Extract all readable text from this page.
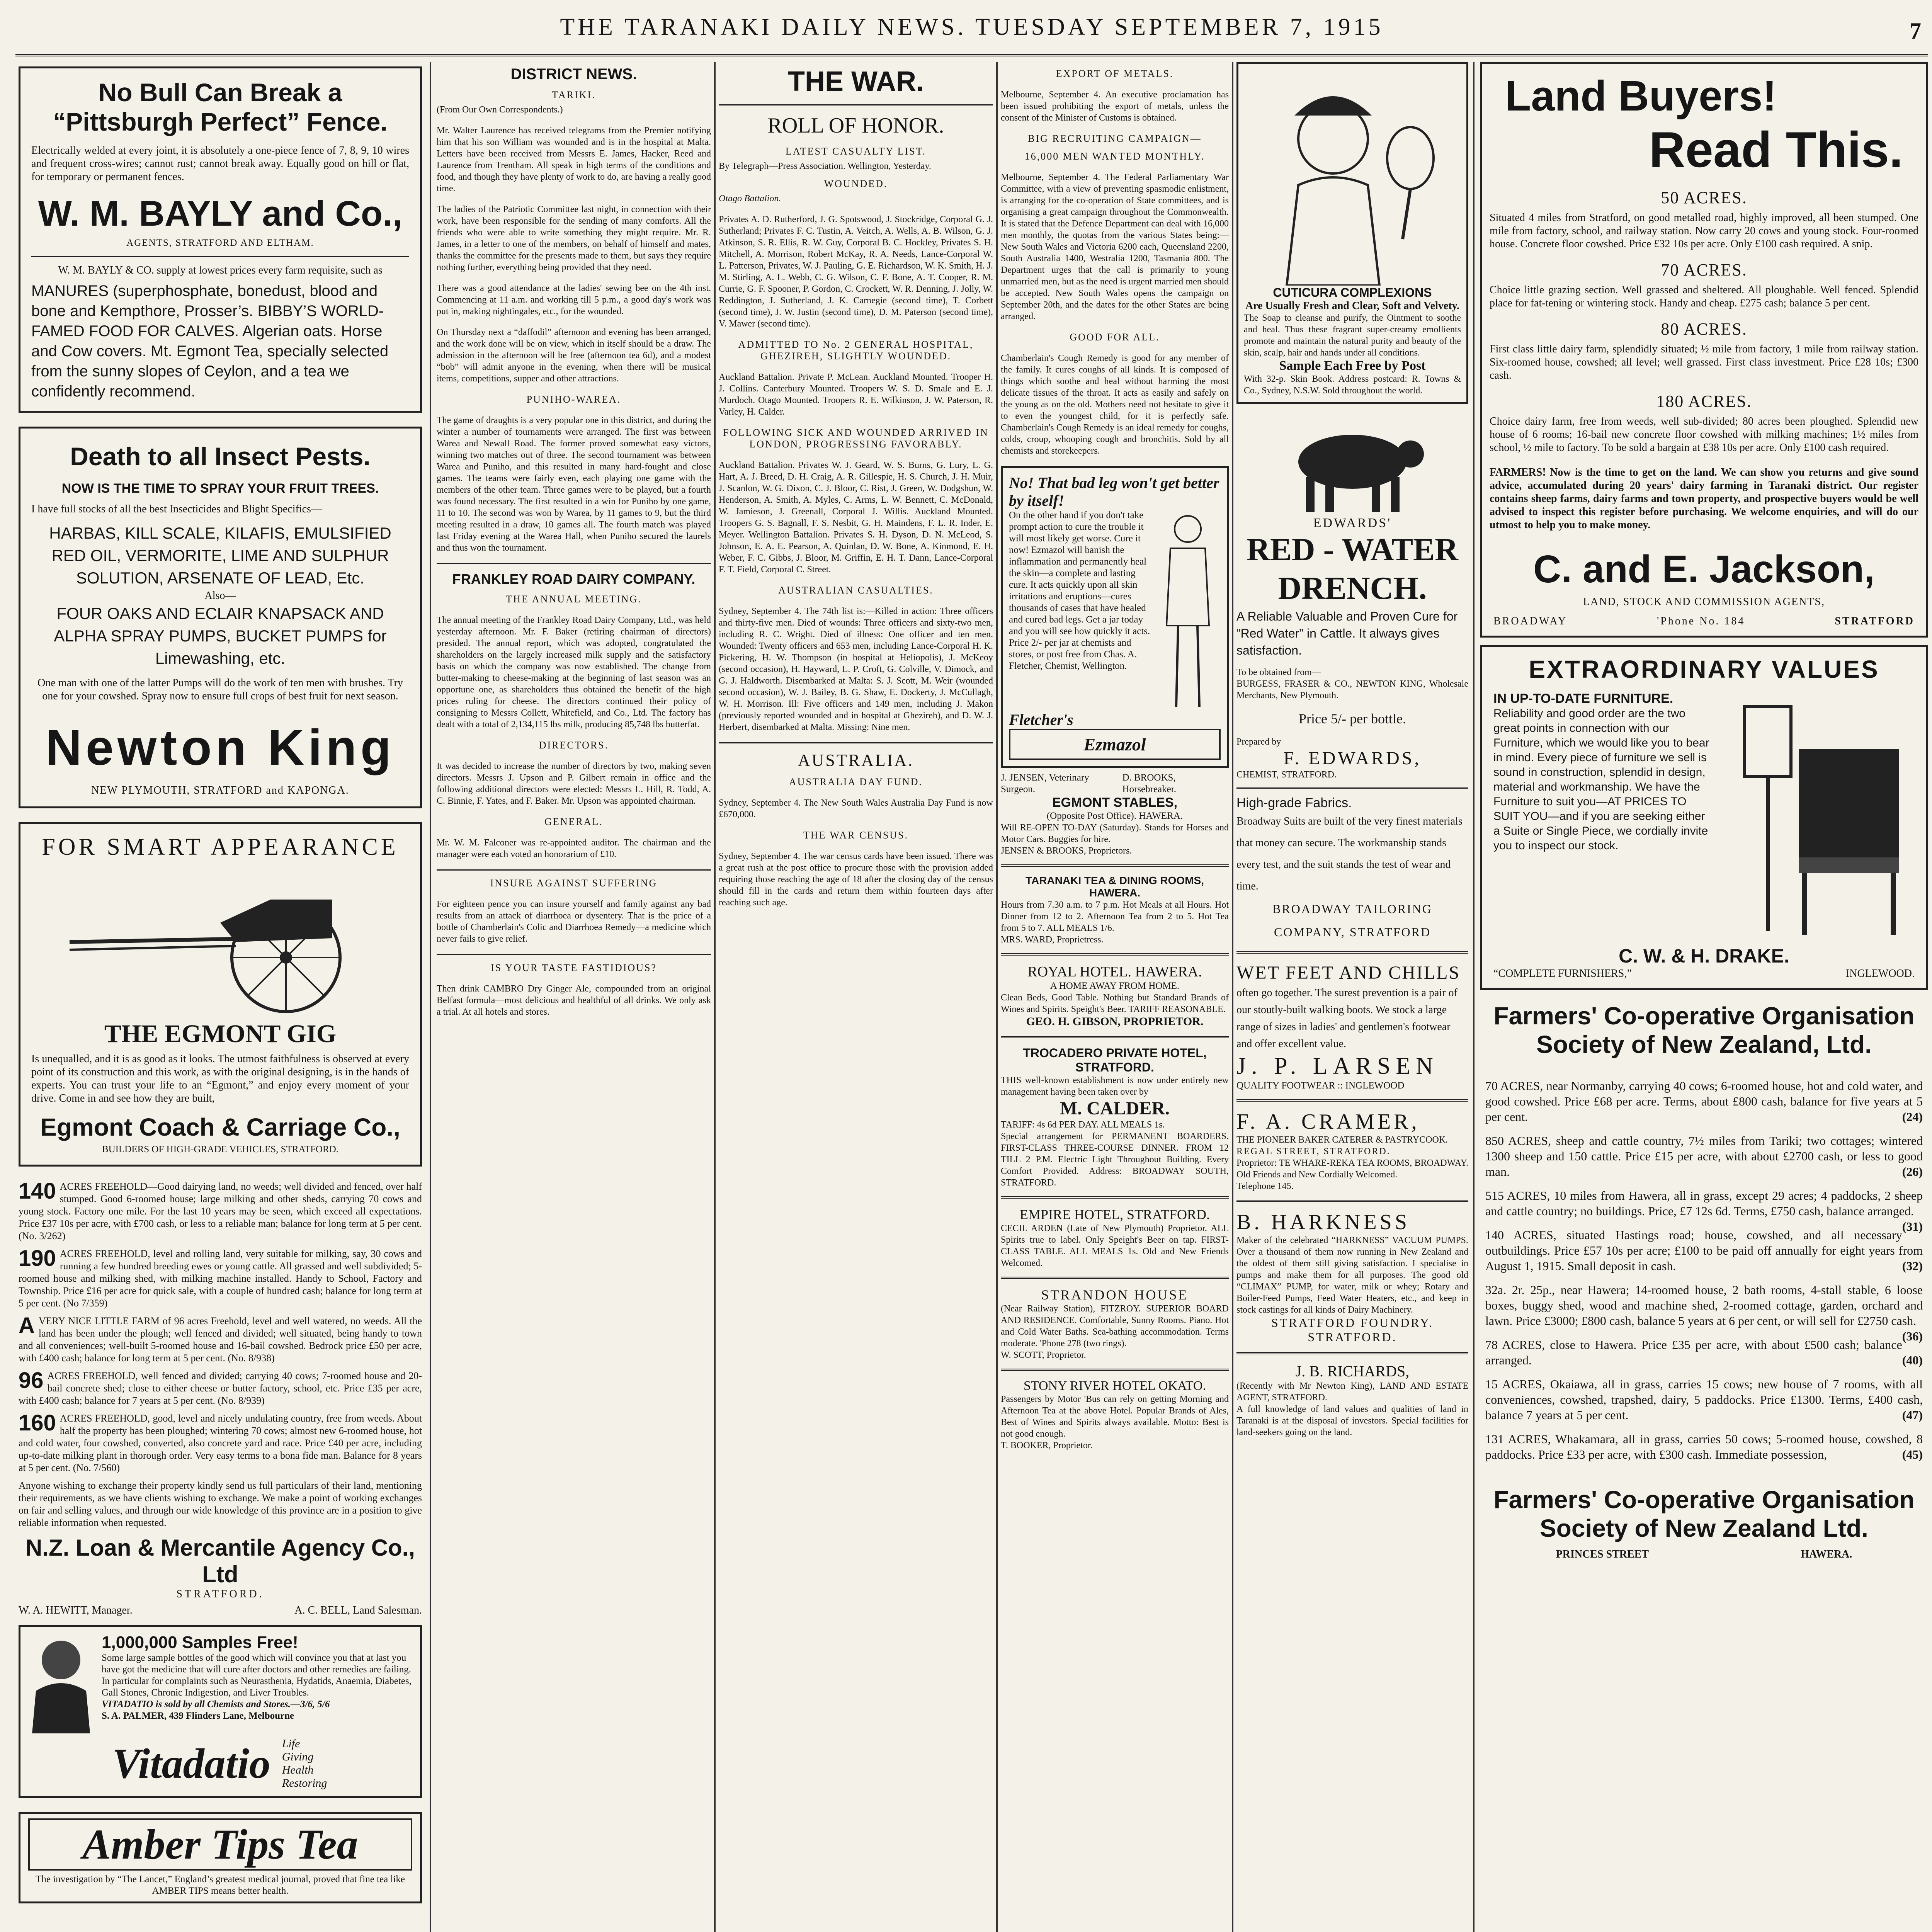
THE TARANAKI DAILY NEWS. TUESDAY SEPTEMBER 7, 1915	7
No Bull Can Break a
“Pittsburgh Perfect” Fence.
Electrically welded at every joint, it is absolutely a one-piece fence of 7, 8, 9, 10 wires and frequent cross-wires; cannot rust; cannot break away. Equally good on hill or flat, for temporary or permanent fences.
W. M. BAYLY and Co.,
AGENTS, STRATFORD AND ELTHAM.
W. M. BAYLY & CO. supply at lowest prices every farm requisite, such as
MANURES (superphosphate, bonedust, blood and bone and Kempthore, Prosser’s. BIBBY’S WORLD-FAMED FOOD FOR CALVES. Algerian oats. Horse and Cow covers. Mt. Egmont Tea, specially selected from the sunny slopes of Ceylon, and a tea we confidently recommend.
Death to all Insect Pests.
NOW IS THE TIME TO SPRAY YOUR FRUIT TREES.
I have full stocks of all the best Insecticides and Blight Specifics—
HARBAS, KILL SCALE, KILAFIS, EMULSIFIED RED OIL, VERMORITE, LIME AND SULPHUR SOLUTION, ARSENATE OF LEAD, Etc.
Also—
FOUR OAKS AND ECLAIR KNAPSACK AND ALPHA SPRAY PUMPS, BUCKET PUMPS for Limewashing, etc.
One man with one of the latter Pumps will do the work of ten men with brushes. Try one for your cowshed. Spray now to ensure full crops of best fruit for next season.
Newton King
NEW PLYMOUTH, STRATFORD and KAPONGA.
FOR SMART APPEARANCE
THE EGMONT GIG
Is unequalled, and it is as good as it looks. The utmost faithfulness is observed at every point of its construction and this work, as with the original designing, is in the hands of experts. You can trust your life to an “Egmont,” and enjoy every moment of your drive. Come in and see how they are built,
Egmont Coach & Carriage Co.,
BUILDERS OF HIGH-GRADE VEHICLES, STRATFORD.
140 ACRES FREEHOLD—Good dairying land, no weeds; well divided and fenced, over half stumped. Good 6-roomed house; large milking and other sheds, carrying 70 cows and young stock. Factory one mile. For the last 10 years may be seen, which exceed all expectations. Price £37 10s per acre, with £700 cash, or less to a reliable man; balance for long term at 5 per cent. (No. 3/262)
190 ACRES FREEHOLD, level and rolling land, very suitable for milking, say, 30 cows and running a few hundred breeding ewes or young cattle. All grassed and well subdivided; 5-roomed house and milking shed, with milking machine installed. Handy to School, Factory and Township. Price £16 per acre for quick sale, with a couple of hundred cash; balance for long term at 5 per cent. (No 7/359)
AVERY NICE LITTLE FARM of 96 acres Freehold, level and well watered, no weeds. All the land has been under the plough; well fenced and divided; well situated, being handy to town and all conveniences; well-built 5-roomed house and 16-bail cowshed. Bedrock price £50 per acre, with £400 cash; balance for long term at 5 per cent. (No. 8/938)
96 ACRES FREEHOLD, well fenced and divided; carrying 40 cows; 7-roomed house and 20-bail concrete shed; close to either cheese or butter factory, school, etc. Price £35 per acre, with £400 cash; balance for 7 years at 5 per cent. (No. 8/939)
160 ACRES FREEHOLD, good, level and nicely undulating country, free from weeds. About half the property has been ploughed; wintering 70 cows; almost new 6-roomed house, hot and cold water, four cowshed, converted, also concrete yard and race. Price £40 per acre, including up-to-date milking plant in thorough order. Very easy terms to a bona fide man. Balance for 8 years at 5 per cent. (No. 7/560)
Anyone wishing to exchange their property kindly send us full particulars of their land, mentioning their requirements, as we have clients wishing to exchange. We make a point of working exchanges on fair and selling values, and through our wide knowledge of this province are in a position to give reliable information when requested.
N.Z. Loan & Mercantile Agency Co., Ltd
STRATFORD.
W. A. HEWITT, Manager.	A. C. BELL, Land Salesman.
1,000,000 Samples Free!
Some large sample bottles of the good which will convince you that at last you have got the medicine that will cure after doctors and other remedies are failing. In particular for complaints such as Neurasthenia, Hydatids, Anaemia, Diabetes, Gall Stones, Chronic Indigestion, and Liver Troubles.
VITADATIO is sold by all Chemists and Stores.—3/6, 5/6
S. A. PALMER, 439 Flinders Lane, Melbourne
Vitadatio Life Giving Health Restoring
Amber Tips Tea
The investigation by “The Lancet,” England’s greatest medical journal, proved that fine tea like AMBER TIPS means better health.
DISTRICT NEWS.
TARIKI.
(From Our Own Correspondents.)

Mr. Walter Laurence has received telegrams from the Premier notifying him that his son William was wounded and is in the hospital at Malta. Letters have been received from Messrs E. James, Hacker, Reed and Laurence from Trentham. All speak in high terms of the conditions and food, and though they have plenty of work to do, are having a really good time.

The ladies of the Patriotic Committee last night, in connection with their work, have been responsible for the sending of many comforts. All the friends who were able to write something they might require. Mr. R. James, in a letter to one of the members, on behalf of himself and mates, thanks the committee for the presents made to them, but says they require nothing further, everything being provided that they need.

There was a good attendance at the ladies' sewing bee on the 4th inst. Commencing at 11 a.m. and working till 5 p.m., a good day's work was put in, making nightingales, etc., for the wounded.

On Thursday next a “daffodil” afternoon and evening has been arranged, and the work done will be on view, which in itself should be a draw. The admission in the afternoon will be free (afternoon tea 6d), and a modest “bob” will admit anyone in the evening, when there will be musical items, competitions, supper and other attractions.

PUNIHO-WAREA.

The game of draughts is a very popular one in this district, and during the winter a number of tournaments were arranged. The first was between Warea and Newall Road. The former proved somewhat easy victors, winning two matches out of three. The second tournament was between Warea and Puniho, and this resulted in many hard-fought and close games. The teams were fairly even, each playing one game with the members of the other team. Three games were to be played, but a fourth was found necessary. The first resulted in a win for Puniho by one game, 11 to 10. The second was won by Warea, by 11 games to 9, but the third meeting resulted in a draw, 10 games all. The fourth match was played last Friday evening at the Warea Hall, when Puniho secured the laurels and thus won the tournament.

FRANKLEY ROAD DAIRY COMPANY.
THE ANNUAL MEETING.

The annual meeting of the Frankley Road Dairy Company, Ltd., was held yesterday afternoon. Mr. F. Baker (retiring chairman of directors) presided. The annual report, which was adopted, congratulated the shareholders on the largely increased milk supply and the satisfactory basis on which the company was now established. The change from butter-making to cheese-making at the beginning of last season was an opportune one, as shareholders thus obtained the benefit of the high prices ruling for cheese. The directors continued their policy of consigning to Messrs Collett, Whitefield, and Co., Ltd. The factory has dealt with a total of 2,134,115 lbs milk, producing 85,748 lbs butterfat.

DIRECTORS.

It was decided to increase the number of directors by two, making seven directors. Messrs J. Upson and P. Gilbert remain in office and the following additional directors were elected: Messrs L. Hill, R. Todd, A. C. Binnie, F. Yates, and F. Baker. Mr. Upson was appointed chairman.

GENERAL.

Mr. W. M. Falconer was re-appointed auditor. The chairman and the manager were each voted an honorarium of £10.

INSURE AGAINST SUFFERING

For eighteen pence you can insure yourself and family against any bad results from an attack of diarrhoea or dysentery. That is the price of a bottle of Chamberlain's Colic and Diarrhoea Remedy—a medicine which never fails to give relief.

IS YOUR TASTE FASTIDIOUS?

Then drink CAMBRO Dry Ginger Ale, compounded from an original Belfast formula—most delicious and healthful of all drinks. We only ask a trial. At all hotels and stores.

THE WAR.
ROLL OF HONOR.
LATEST CASUALTY LIST.
By Telegraph—Press Association. Wellington, Yesterday.
WOUNDED.
Otago Battalion.

Privates A. D. Rutherford, J. G. Spotswood, J. Stockridge, Corporal G. J. Sutherland; Privates F. C. Tustin, A. Veitch, A. Wells, A. B. Wilson, G. J. Atkinson, S. R. Ellis, R. W. Guy, Corporal B. C. Hockley, Privates S. H. Mitchell, A. Morrison, Robert McKay, R. A. Needs, Lance-Corporal W. L. Patterson, Privates, W. J. Pauling, G. E. Richardson, W. K. Smith, H. J. M. Stirling, A. L. Webb, C. G. Wilson, C. F. Bone, A. T. Cooper, R. M. Currie, G. F. Spooner, P. Gordon, C. Crockett, W. R. Denning, J. Jolly, W. Reddington, J. Sutherland, J. K. Carnegie (second time), T. Corbett (second time), J. W. Justin (second time), D. M. Paterson (second time), V. Mawer (second time).

ADMITTED TO No. 2 GENERAL HOSPITAL, GHEZIREH, SLIGHTLY WOUNDED.

Auckland Battalion. Private P. McLean. Auckland Mounted. Trooper H. J. Collins. Canterbury Mounted. Troopers W. S. D. Smale and E. J. Murdoch. Otago Mounted. Troopers R. E. Wilkinson, J. W. Paterson, R. Varley, H. Calder.

FOLLOWING SICK AND WOUNDED ARRIVED IN LONDON, PROGRESSING FAVORABLY.

Auckland Battalion. Privates W. J. Geard, W. S. Burns, G. Lury, L. G. Hart, A. J. Breed, D. H. Craig, A. R. Gillespie, H. S. Church, J. H. Muir, J. Scanlon, W. G. Dixon, C. J. Bloor, C. Rist, J. Green, W. Dodgshun, W. Henderson, A. Smith, A. Myles, C. Arms, L. W. Bennett, C. McDonald, W. Jamieson, J. Greenall, Corporal J. Willis. Auckland Mounted. Troopers G. S. Bagnall, F. S. Nesbit, G. H. Maindens, F. L. R. Inder, E. Meyer. Wellington Battalion. Privates S. H. Dyson, D. N. McLeod, S. Johnson, E. A. E. Pearson, A. Quinlan, D. W. Bone, A. Kinmond, E. H. Weber, F. C. Gibbs, J. Bloor, M. Griffin, E. H. T. Dann, Lance-Corporal F. T. Field, Corporal C. Street.

AUSTRALIAN CASUALTIES.

Sydney, September 4. The 74th list is:—Killed in action: Three officers and thirty-five men. Died of wounds: Three officers and sixty-two men, including R. C. Wright. Died of illness: One officer and ten men. Wounded: Twenty officers and 653 men, including Lance-Corporal H. K. Pickering, H. W. Thompson (in hospital at Heliopolis), J. McKeoy (second occasion), H. Hayward, L. P. Croft, G. Colville, V. Dimock, and G. J. Haldworth. Disembarked at Malta: S. J. Scott, M. Weir (wounded second occasion), W. J. Bailey, B. G. Shaw, E. Dockerty, J. McCullagh, W. H. Morrison. Ill: Five officers and 149 men, including J. Makon (previously reported wounded and in hospital at Ghezireh), and D. W. J. Herbert, disembarked at Malta. Missing: Nine men.

AUSTRALIA.
AUSTRALIA DAY FUND.

Sydney, September 4. The New South Wales Australia Day Fund is now £670,000.

THE WAR CENSUS.

Sydney, September 4. The war census cards have been issued. There was a great rush at the post office to procure those with the provision added requiring those reaching the age of 18 after the closing day of the census should fill in the cards and return them within fourteen days after reaching such age.

EXPORT OF METALS.

Melbourne, September 4. An executive proclamation has been issued prohibiting the export of metals, unless the consent of the Minister of Customs is obtained.

BIG RECRUITING CAMPAIGN—
16,000 MEN WANTED MONTHLY.

Melbourne, September 4. The Federal Parliamentary War Committee, with a view of preventing spasmodic enlistment, is arranging for the co-operation of State committees, and is organising a great campaign throughout the Commonwealth. It is stated that the Defence Department can deal with 16,000 men monthly, the quotas from the various States being:—New South Wales and Victoria 6200 each, Queensland 2200, South Australia 1400, Westralia 1200, Tasmania 800. The Department urges that the call is primarily to young unmarried men, but as the need is urgent married men should be accepted. New South Wales opens the campaign on September 20th, and the dates for the other States are being arranged.

GOOD FOR ALL.

Chamberlain's Cough Remedy is good for any member of the family. It cures coughs of all kinds. It is composed of things which soothe and heal without harming the most delicate tissues of the throat. It acts as easily and safely on the young as on the old. Mothers need not hesitate to give it to even the youngest child, for it is perfectly safe. Chamberlain's Cough Remedy is an ideal remedy for coughs, colds, croup, whooping cough and bronchitis. Sold by all chemists and storekeepers.

No! That bad leg won't get better by itself!
On the other hand if you don't take prompt action to cure the trouble it will most likely get worse. Cure it now! Ezmazol will banish the inflammation and permanently heal the skin—a complete and lasting cure. It acts quickly upon all skin irritations and eruptions—cures thousands of cases that have healed and cured bad legs. Get a jar today and you will see how quickly it acts. Price 2/- per jar at chemists and stores, or post free from Chas. A. Fletcher, Chemist, Wellington.
Fletcher's
Ezmazol
J. JENSEN, Veterinary Surgeon.
D. BROOKS, Horsebreaker.
EGMONT STABLES,
(Opposite Post Office). HAWERA.
Will RE-OPEN TO-DAY (Saturday). Stands for Horses and Motor Cars. Buggies for hire.
JENSEN & BROOKS, Proprietors.
TARANAKI TEA & DINING ROOMS, HAWERA.
Hours from 7.30 a.m. to 7 p.m. Hot Meals at all Hours. Hot Dinner from 12 to 2. Afternoon Tea from 2 to 5. Hot Tea from 5 to 7. ALL MEALS 1/6.
MRS. WARD, Proprietress.
ROYAL HOTEL. HAWERA.
A HOME AWAY FROM HOME.
Clean Beds, Good Table. Nothing but Standard Brands of Wines and Spirits. Speight's Beer. TARIFF REASONABLE.
GEO. H. GIBSON, PROPRIETOR.
TROCADERO PRIVATE HOTEL, STRATFORD.
THIS well-known establishment is now under entirely new management having been taken over by
M. CALDER.
TARIFF: 4s 6d PER DAY. ALL MEALS 1s.
Special arrangement for PERMANENT BOARDERS. FIRST-CLASS THREE-COURSE DINNER. FROM 12 TILL 2 P.M. Electric Light Throughout Building. Every Comfort Provided. Address: BROADWAY SOUTH, STRATFORD.
EMPIRE HOTEL, STRATFORD.
CECIL ARDEN (Late of New Plymouth) Proprietor. ALL Spirits true to label. Only Speight's Beer on tap. FIRST-CLASS TABLE. ALL MEALS 1s. Old and New Friends Welcomed.
STRANDON HOUSE
(Near Railway Station), FITZROY. SUPERIOR BOARD AND RESIDENCE. Comfortable, Sunny Rooms. Piano. Hot and Cold Water Baths. Sea-bathing accommodation. Terms moderate. 'Phone 278 (two rings).
W. SCOTT, Proprietor.
STONY RIVER HOTEL OKATO.
Passengers by Motor 'Bus can rely on getting Morning and Afternoon Tea at the above Hotel. Popular Brands of Ales, Best of Wines and Spirits always available. Motto: Best is not good enough.
T. BOOKER, Proprietor.
CUTICURA COMPLEXIONS
Are Usually Fresh and Clear, Soft and Velvety.
The Soap to cleanse and purify, the Ointment to soothe and heal. Thus these fragrant super-creamy emollients promote and maintain the natural purity and beauty of the skin, scalp, hair and hands under all conditions.
Sample Each Free by Post
With 32-p. Skin Book. Address postcard: R. Towns & Co., Sydney, N.S.W. Sold throughout the world.
EDWARDS'
RED - WATER DRENCH.
A Reliable Valuable and Proven Cure for “Red Water” in Cattle. It always gives satisfaction.
To be obtained from—
BURGESS, FRASER & CO., NEWTON KING, Wholesale Merchants, New Plymouth.
Price 5/- per bottle.
Prepared by
F. EDWARDS,
CHEMIST, STRATFORD.
High-grade Fabrics.
Broadway Suits are built of the very finest materials that money can secure. The workmanship stands every test, and the suit stands the test of wear and time.
BROADWAY TAILORING COMPANY, STRATFORD
WET FEET AND CHILLS
often go together. The surest prevention is a pair of our stoutly-built walking boots. We stock a large range of sizes in ladies' and gentlemen's footwear and offer excellent value.
J. P. LARSEN
QUALITY FOOTWEAR :: INGLEWOOD
F. A. CRAMER,
THE PIONEER BAKER CATERER & PASTRYCOOK.
REGAL STREET, STRATFORD.
Proprietor: TE WHARE-REKA TEA ROOMS, BROADWAY. Old Friends and New Cordially Welcomed.
Telephone 145.
B. HARKNESS
Maker of the celebrated “HARKNESS” VACUUM PUMPS. Over a thousand of them now running in New Zealand and the oldest of them still giving satisfaction. I specialise in pumps and make them for all purposes. The good old “CLIMAX” PUMP, for water, milk or whey; Rotary and Boiler-Feed Pumps, Feed Water Heaters, etc., and keep in stock castings for all kinds of Dairy Machinery.
STRATFORD FOUNDRY. STRATFORD.
J. B. RICHARDS,
(Recently with Mr Newton King), LAND AND ESTATE AGENT, STRATFORD.
A full knowledge of land values and qualities of land in Taranaki is at the disposal of investors. Special facilities for land-seekers going on the land.
Land Buyers!
Read This.
50 ACRES.
Situated 4 miles from Stratford, on good metalled road, highly improved, all been stumped. One mile from factory, school, and railway station. Now carry 20 cows and young stock. Four-roomed house. Concrete floor cowshed. Price £32 10s per acre. Only £100 cash required. A snip.
70 ACRES.
Choice little grazing section. Well grassed and sheltered. All ploughable. Well fenced. Splendid place for fat-tening or wintering stock. Handy and cheap. £275 cash; balance 5 per cent.
80 ACRES.
First class little dairy farm, splendidly situated; ½ mile from factory, 1 mile from railway station. Six-roomed house, cowshed; all level; well grassed. First class investment. Price £28 10s; £300 cash.
180 ACRES.
Choice dairy farm, free from weeds, well sub-divided; 80 acres been ploughed. Splendid new house of 6 rooms; 16-bail new concrete floor cowshed with milking machines; 1½ miles from school, ½ mile to factory. To be sold a bargain at £38 10s per acre. Only £100 cash required.
FARMERS! Now is the time to get on the land. We can show you returns and give sound advice, accumulated during 20 years' dairy farming in Taranaki district. Our register contains sheep farms, dairy farms and town property, and prospective buyers would be well advised to inspect this register before purchasing. We welcome enquiries, and will do our utmost to help you to make money.
C. and E. Jackson,
LAND, STOCK AND COMMISSION AGENTS,
BROADWAY	'Phone No. 184	STRATFORD
EXTRAORDINARY VALUES
IN UP-TO-DATE FURNITURE.
Reliability and good order are the two great points in connection with our Furniture, which we would like you to bear in mind. Every piece of furniture we sell is sound in construction, splendid in design, material and workmanship. We have the Furniture to suit you—AT PRICES TO SUIT YOU—and if you are seeking either a Suite or Single Piece, we cordially invite you to inspect our stock.
C. W. & H. DRAKE.
“COMPLETE FURNISHERS,”	INGLEWOOD.
Farmers' Co-operative Organisation
Society of New Zealand, Ltd.
70 ACRES, near Normanby, carrying 40 cows; 6-roomed house, hot and cold water, and good cowshed. Price £68 per acre. Terms, about £800 cash, balance for five years at 5 per cent.	(24)
850 ACRES, sheep and cattle country, 7½ miles from Tariki; two cottages; wintered 1300 sheep and 150 cattle. Price £15 per acre, with about £2700 cash, or less to good man.	(26)
515 ACRES, 10 miles from Hawera, all in grass, except 29 acres; 4 paddocks, 2 sheep and cattle country; no buildings. Price, £7 12s 6d. Terms, £750 cash, balance arranged.
(31)
140 ACRES, situated Hastings road; house, cowshed, and all necessary outbuildings. Price £57 10s per acre; £100 to be paid off annually for eight years from August 1, 1915. Small deposit in cash.	(32)
32a. 2r. 25p., near Hawera; 14-roomed house, 2 bath rooms, 4-stall stable, 6 loose boxes, buggy shed, wood and machine shed, 2-roomed cottage, garden, orchard and lawn. Price £3000; £800 cash, balance 5 years at 6 per cent, or will sell for £2750 cash.
(36)
78 ACRES, close to Hawera. Price £35 per acre, with about £500 cash; balance arranged.	(40)
15 ACRES, Okaiawa, all in grass, carries 15 cows; new house of 7 rooms, with all conveniences, cowshed, trapshed, dairy, 5 paddocks. Price £1300. Terms, £400 cash, balance 7 years at 5 per cent.	(47)
131 ACRES, Whakamara, all in grass, carries 50 cows; 5-roomed house, cowshed, 8 paddocks. Price £33 per acre, with £300 cash. Immediate possession,	(45)
Farmers' Co-operative Organisation
Society of New Zealand Ltd.
PRINCES STREET	HAWERA.
